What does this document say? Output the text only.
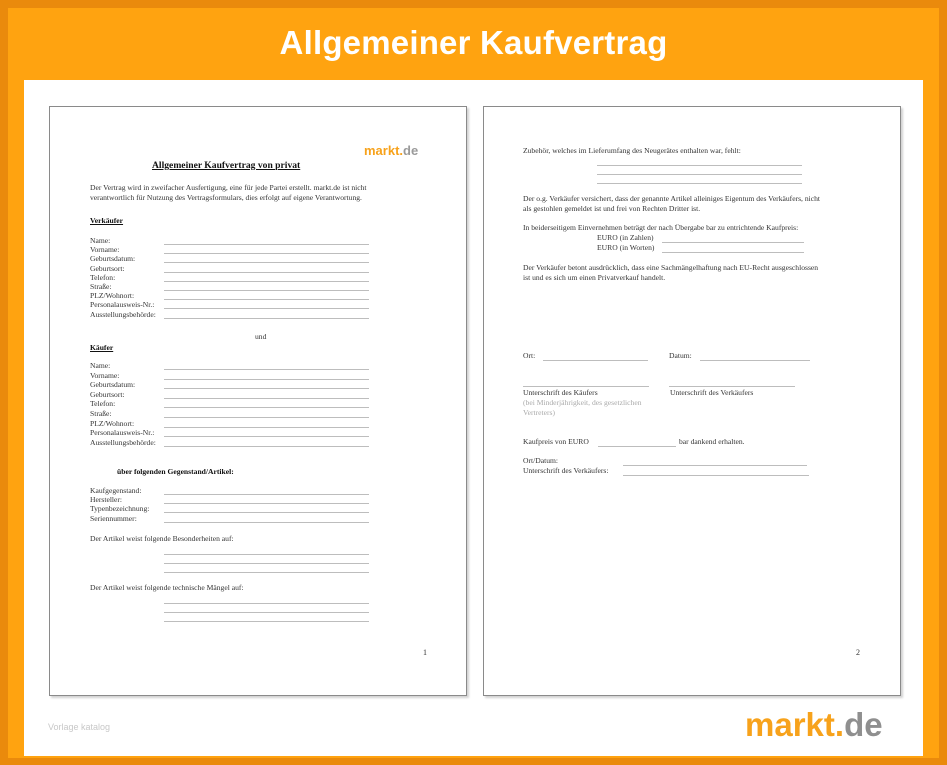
Allgemeiner Kaufvertrag
markt.de
Allgemeiner Kaufvertrag von privat
Der Vertrag wird in zweifacher Ausfertigung, eine für jede Partei erstellt. markt.de ist nicht
verantwortlich für Nutzung des Vertragsformulars, dies erfolgt auf eigene Verantwortung.
Verkäufer
Name:
Vorname:
Geburtsdatum:
Geburtsort:
Telefon:
Straße:
PLZ/Wohnort:
Personalausweis-Nr.:
Ausstellungsbehörde:
und
Käufer
Name:
Vorname:
Geburtsdatum:
Geburtsort:
Telefon:
Straße:
PLZ/Wohnort:
Personalausweis-Nr.:
Ausstellungsbehörde:
über folgenden Gegenstand/Artikel:
Kaufgegenstand:
Hersteller:
Typenbezeichnung:
Seriennummer:
Der Artikel weist folgende Besonderheiten auf:
Der Artikel weist folgende technische Mängel auf:
1
Zubehör, welches im Lieferumfang des Neugerätes enthalten war, fehlt:
Der o.g. Verkäufer versichert, dass der genannte Artikel alleiniges Eigentum des Verkäufers, nicht
als gestohlen gemeldet ist und frei von Rechten Dritter ist.
In beiderseitigem Einvernehmen beträgt der nach Übergabe bar zu entrichtende Kaufpreis:
EURO (in Zahlen)
EURO (in Worten)
Der Verkäufer betont ausdrücklich, dass eine Sachmängelhaftung nach EU-Recht ausgeschlossen
ist und es sich um einen Privatverkauf handelt.
Ort:	Datum:
Unterschrift des Käufers
(bei Minderjährigkeit, des gesetzlichen
Vertreters)
Unterschrift des Verkäufers
Kaufpreis von EURO	bar dankend erhalten.
Ort/Datum:
Unterschrift des Verkäufers:
2
Vorlage katalog	markt.de
